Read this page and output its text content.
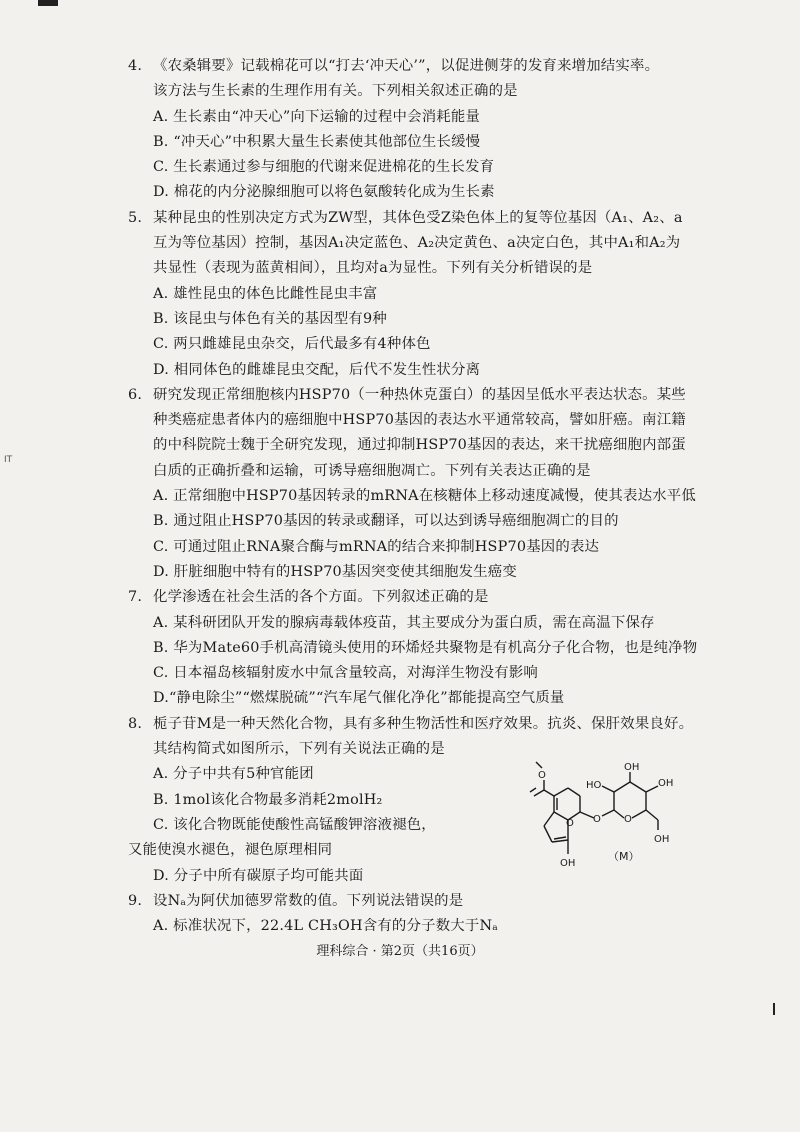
IT
4. 《农桑辑要》记载棉花可以“打去‘冲天心’”，以促进侧芽的发育来增加结实率。
该方法与生长素的生理作用有关。下列相关叙述正确的是
A. 生长素由“冲天心”向下运输的过程中会消耗能量
B. “冲天心”中积累大量生长素使其他部位生长缓慢
C. 生长素通过参与细胞的代谢来促进棉花的生长发育
D. 棉花的内分泌腺细胞可以将色氨酸转化成为生长素
5. 某种昆虫的性别决定方式为ZW型，其体色受Z染色体上的复等位基因（A₁、A₂、a
互为等位基因）控制，基因A₁决定蓝色、A₂决定黄色、a决定白色，其中A₁和A₂为
共显性（表现为蓝黄相间），且均对a为显性。下列有关分析错误的是
A. 雄性昆虫的体色比雌性昆虫丰富
B. 该昆虫与体色有关的基因型有9种
C. 两只雌雄昆虫杂交，后代最多有4种体色
D. 相同体色的雌雄昆虫交配，后代不发生性状分离
6. 研究发现正常细胞核内HSP70（一种热休克蛋白）的基因呈低水平表达状态。某些
种类癌症患者体内的癌细胞中HSP70基因的表达水平通常较高，譬如肝癌。南江籍
的中科院院士魏于全研究发现，通过抑制HSP70基因的表达，来干扰癌细胞内部蛋
白质的正确折叠和运输，可诱导癌细胞凋亡。下列有关表达正确的是
A. 正常细胞中HSP70基因转录的mRNA在核糖体上移动速度减慢，使其表达水平低
B. 通过阻止HSP70基因的转录或翻译，可以达到诱导癌细胞凋亡的目的
C. 可通过阻止RNA聚合酶与mRNA的结合来抑制HSP70基因的表达
D. 肝脏细胞中特有的HSP70基因突变使其细胞发生癌变
7. 化学渗透在社会生活的各个方面。下列叙述正确的是
A. 某科研团队开发的腺病毒载体疫苗，其主要成分为蛋白质，需在高温下保存
B. 华为Mate60手机高清镜头使用的环烯烃共聚物是有机高分子化合物，也是纯净物
C. 日本福岛核辐射废水中氚含量较高，对海洋生物没有影响
D.“静电除尘”“燃煤脱硫”“汽车尾气催化净化”都能提高空气质量
8. 栀子苷M是一种天然化合物，具有多种生物活性和医疗效果。抗炎、保肝效果良好。
其结构简式如图所示，下列有关说法正确的是
A. 分子中共有5种官能团
B. 1mol该化合物最多消耗2molH₂
C. 该化合物既能使酸性高锰酸钾溶液褪色，
又能使溴水褪色，褪色原理相同
D. 分子中所有碳原子均可能共面
9. 设Nₐ为阿伏加德罗常数的值。下列说法错误的是
A. 标准状况下，22.4L CH₃OH含有的分子数大于Nₐ
O
O O O
OH
HO	OH
OH
OH
（M）
理科综合 · 第2页（共16页）
